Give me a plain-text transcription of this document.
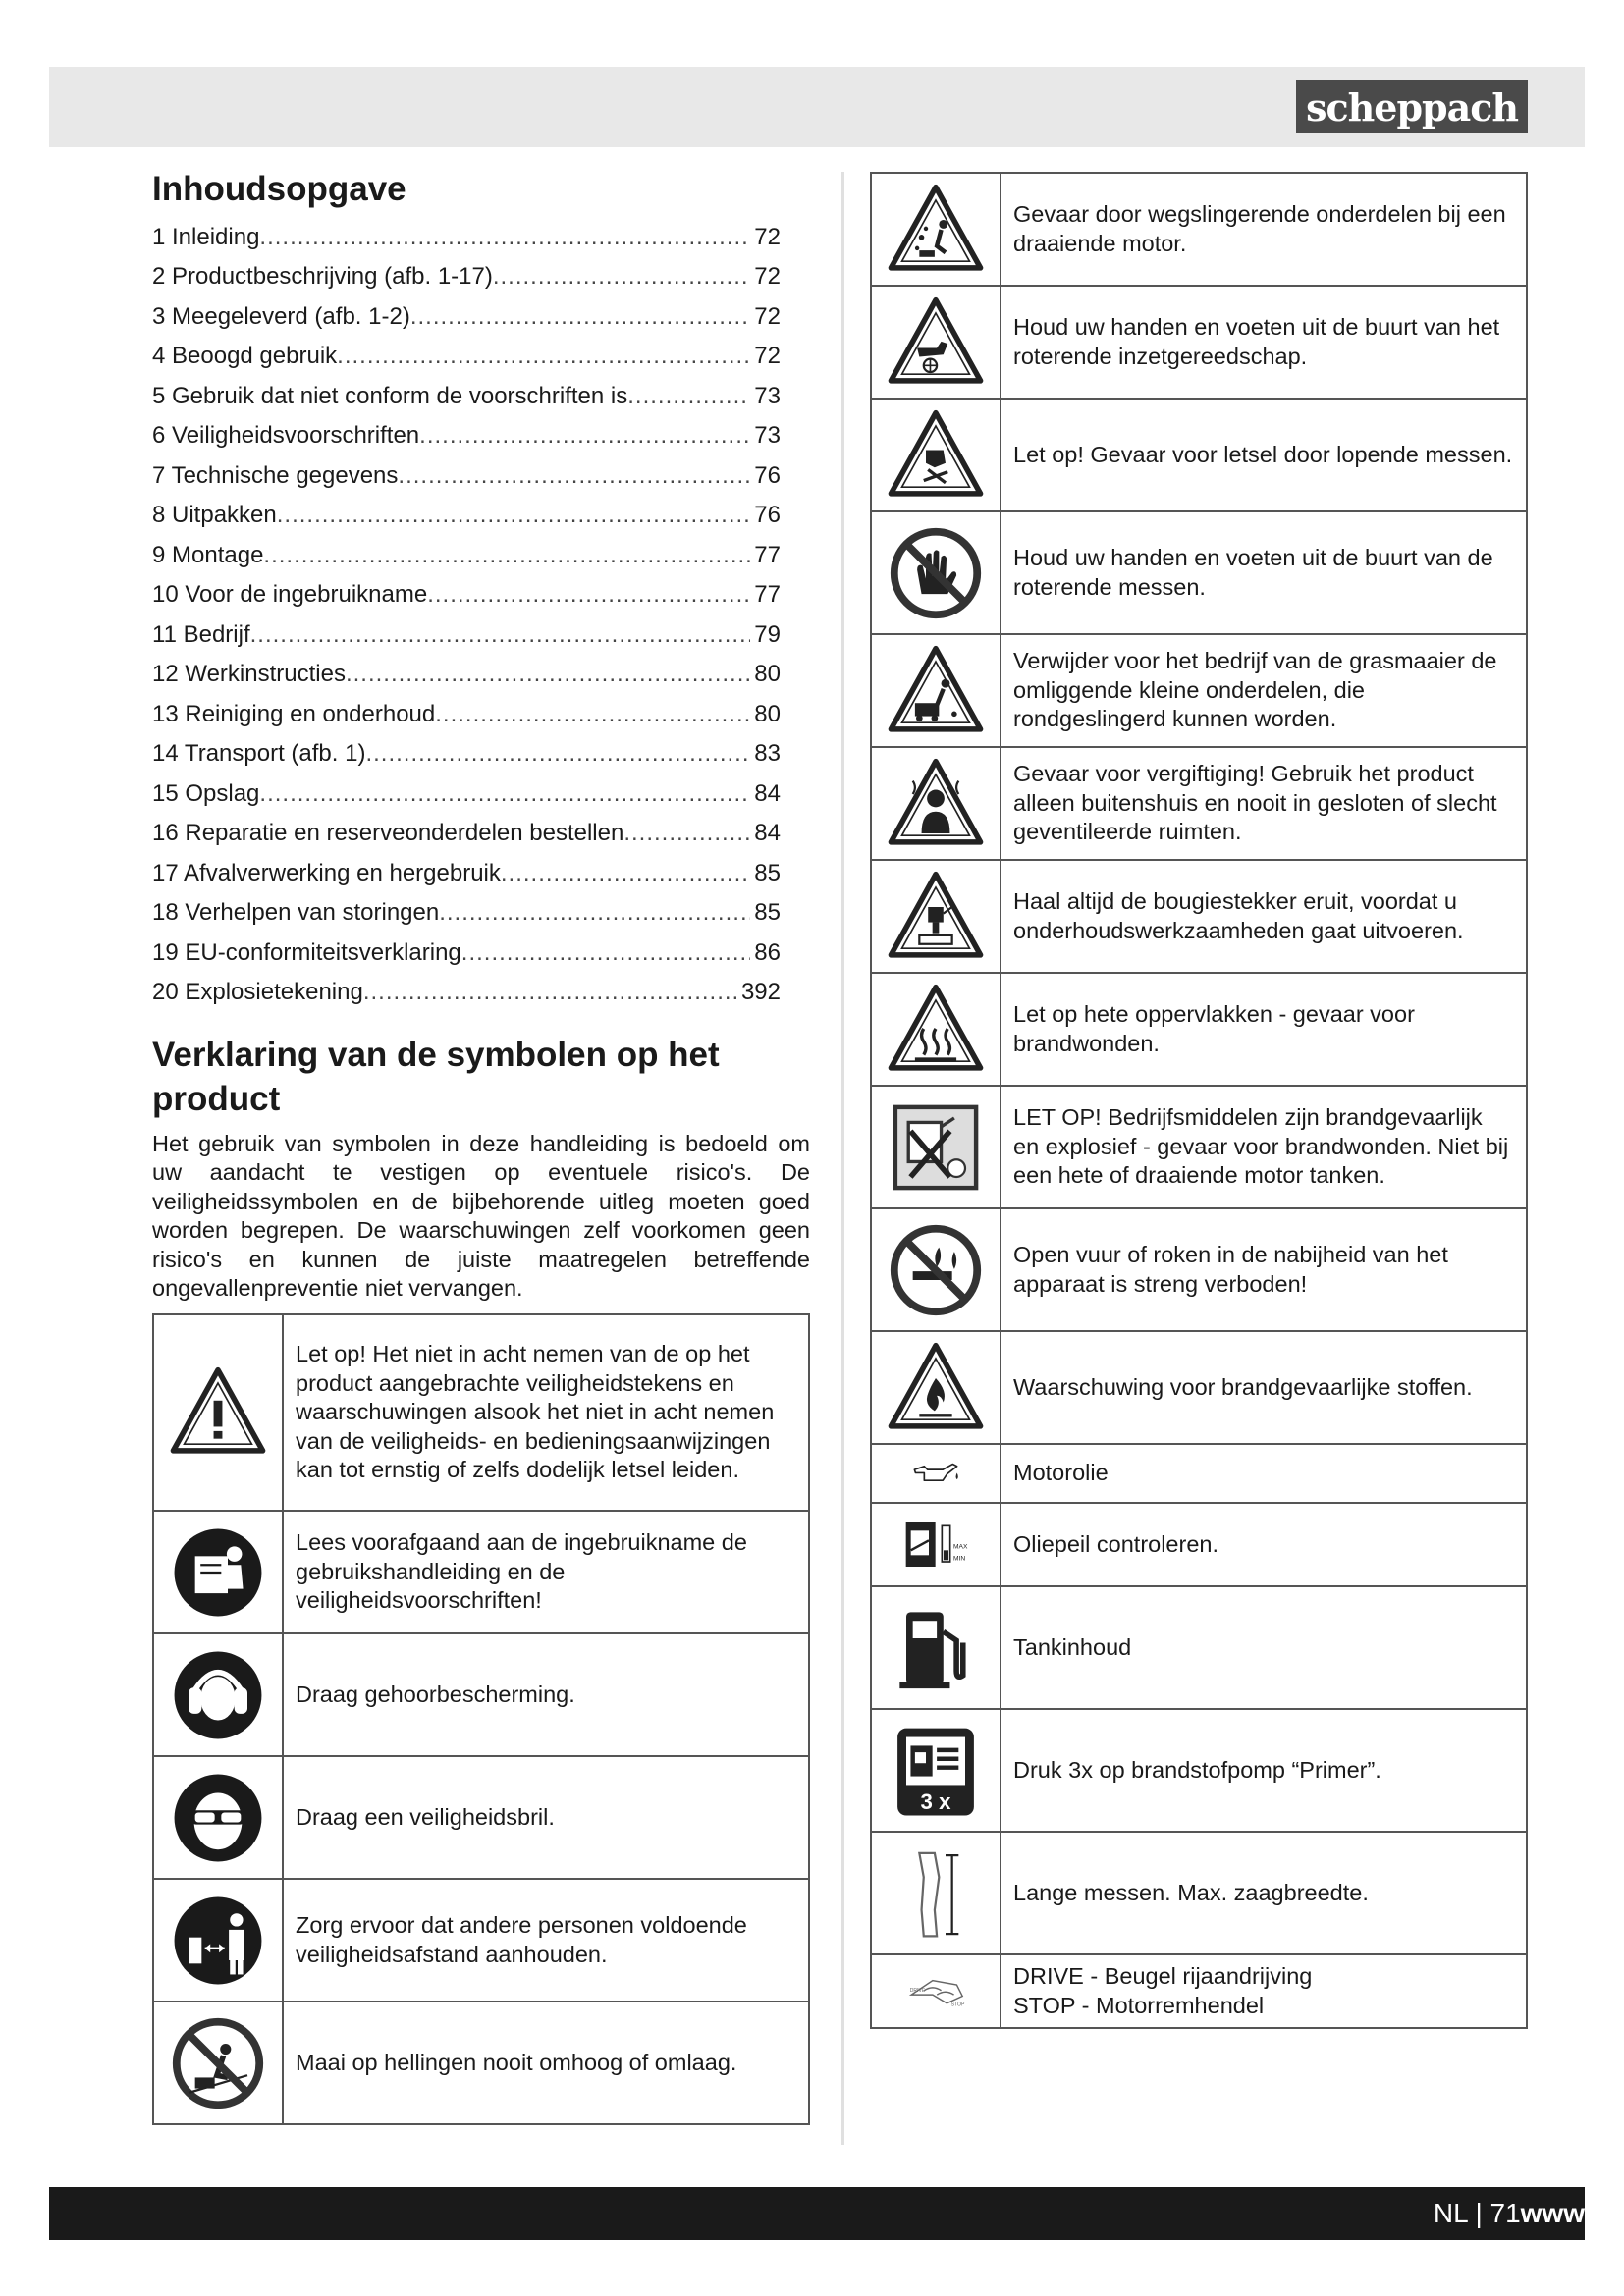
scheppach
Inhoudsopgave
1 Inleiding .....	72
2 Productbeschrijving (afb. 1-17) .....	72
3 Meegeleverd (afb. 1-2) .....	72
4 Beoogd gebruik .....	72
5 Gebruik dat niet conform de voorschriften is .....	73
6 Veiligheidsvoorschriften .....	73
7 Technische gegevens .....	76
8 Uitpakken .....	76
9 Montage .....	77
10 Voor de ingebruikname .....	77
11 Bedrijf .....	79
12 Werkinstructies .....	80
13 Reiniging en onderhoud .....	80
14 Transport (afb. 1) .....	83
15 Opslag .....	84
16 Reparatie en reserveonderdelen bestellen .....	84
17 Afvalverwerking en hergebruik .....	85
18 Verhelpen van storingen .....	85
19 EU-conformiteitsverklaring .....	86
20 Explosietekening .....	392
Verklaring van de symbolen op het product
Het gebruik van symbolen in deze handleiding is bedoeld om uw aandacht te vestigen op eventuele risico's. De veiligheidssymbolen en de bijbehorende uitleg moeten goed worden begrepen. De waarschuwingen zelf voorkomen geen risico's en kunnen de juiste maatregelen betreffende ongevallenpreventie niet vervangen.
	Let op! Het niet in acht nemen van de op het product aangebrachte veiligheidstekens en waarschuwingen alsook het niet in acht nemen van de veiligheids- en bedieningsaanwijzingen kan tot ernstig of zelfs dodelijk letsel leiden.

	Lees voorafgaand aan de ingebruikname de gebruikshandleiding en de veiligheidsvoorschriften!

	Draag gehoorbescherming.

	Draag een veiligheidsbril.

	Zorg ervoor dat andere personen voldoende veiligheidsafstand aanhouden.

	Maai op hellingen nooit omhoog of omlaag.
	Gevaar door wegslingerende onderdelen bij een draaiende motor.

	Houd uw handen en voeten uit de buurt van het roterende inzetgereedschap.

	Let op! Gevaar voor letsel door lopende messen.

	Houd uw handen en voeten uit de buurt van de roterende messen.

	Verwijder voor het bedrijf van de grasmaaier de omliggende kleine onderdelen, die rondgeslingerd kunnen worden.

	Gevaar voor vergiftiging! Gebruik het product alleen buitenshuis en nooit in gesloten of slecht geventileerde ruimten.

	Haal altijd de bougiestekker eruit, voordat u onderhoudswerkzaamheden gaat uitvoeren.

	Let op hete oppervlakken - gevaar voor brandwonden.

	LET OP! Bedrijfsmiddelen zijn brandgevaarlijk en explosief - gevaar voor brandwonden. Niet bij een hete of draaiende motor tanken.

	Open vuur of roken in de nabijheid van het apparaat is streng verboden!

	Waarschuwing voor brandgevaarlijke stoffen.

	Motorolie

MAX
MIN	Oliepeil controleren.

	Tankinhoud

3 x	Druk 3x op brandstofpomp “Primer”.

	Lange messen. Max. zaagbreedte.

DRIVE
STOP	DRIVE - Beugel rijaandrijving
STOP - Motorremhendel
NL | 71www
